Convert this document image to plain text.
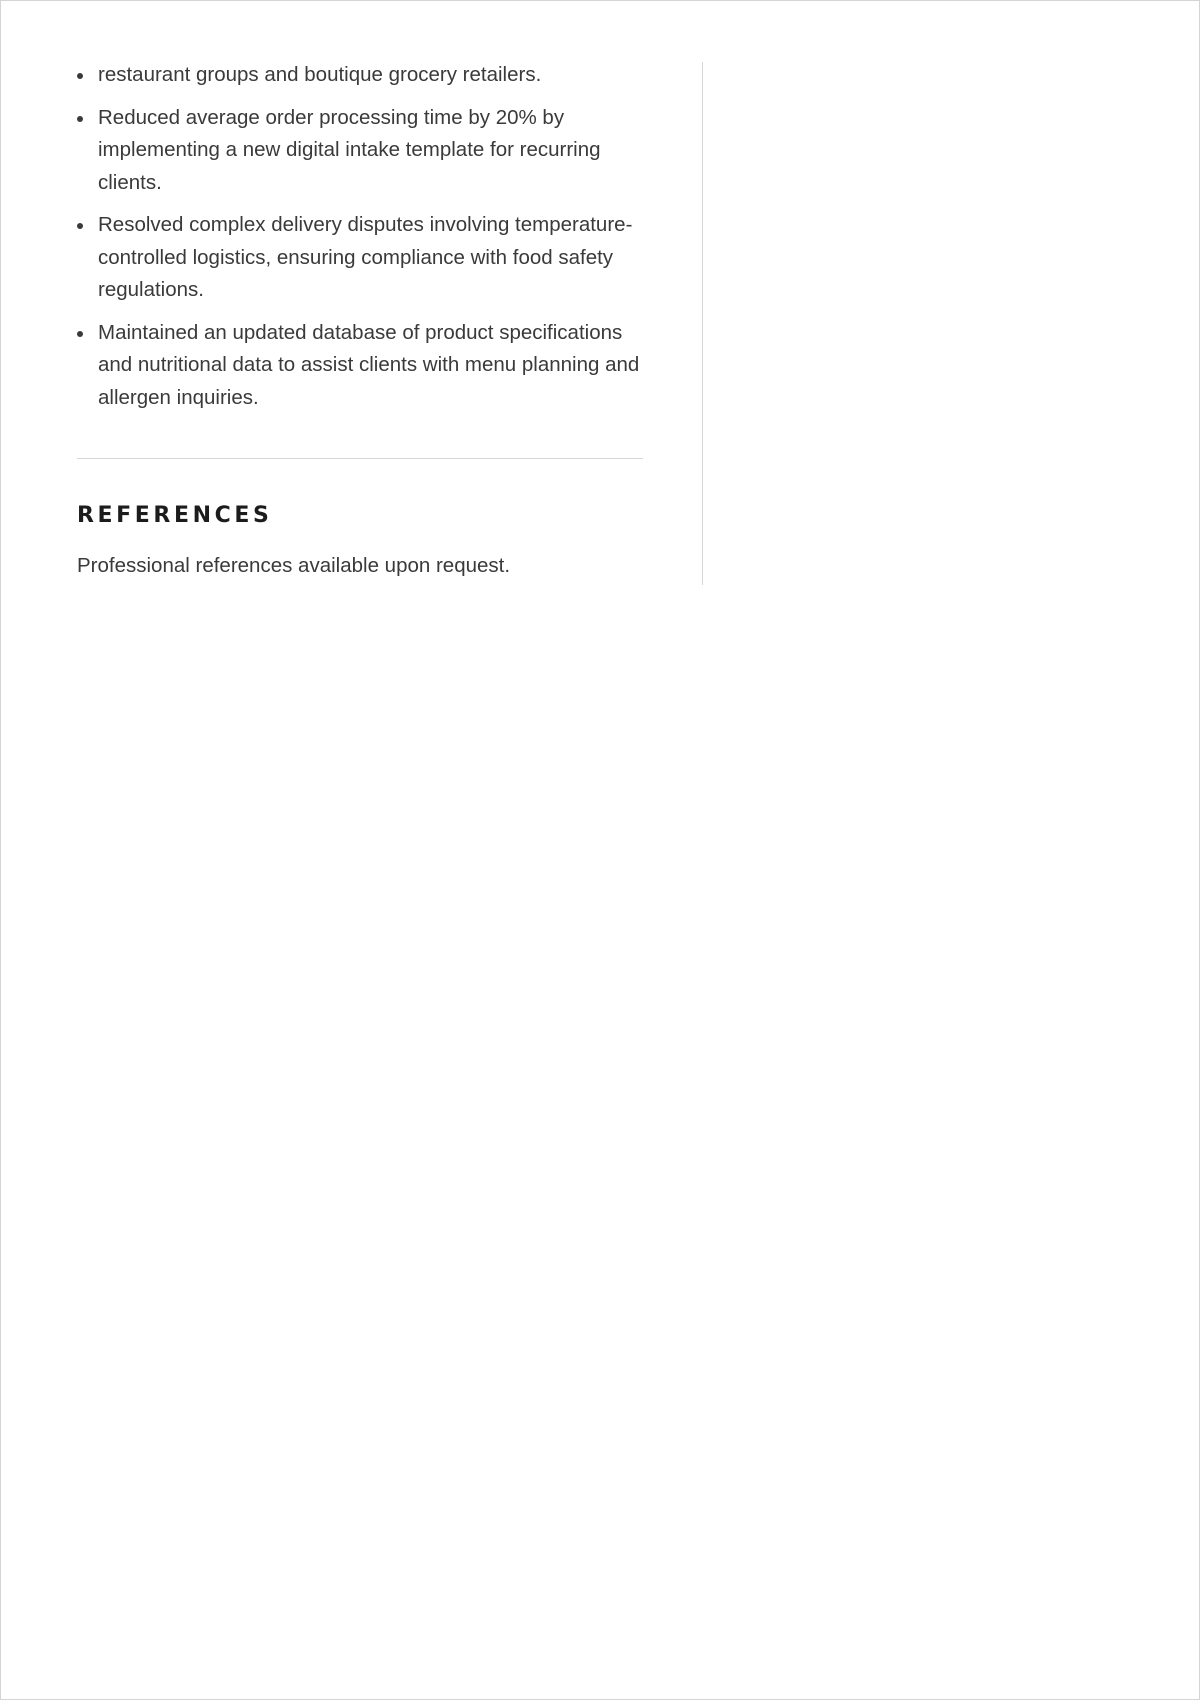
restaurant groups and boutique grocery retailers.
Reduced average order processing time by 20% by implementing a new digital intake template for recurring clients.
Resolved complex delivery disputes involving temperature-controlled logistics, ensuring compliance with food safety regulations.
Maintained an updated database of product specifications and nutritional data to assist clients with menu planning and allergen inquiries.
REFERENCES

Professional references available upon request.
